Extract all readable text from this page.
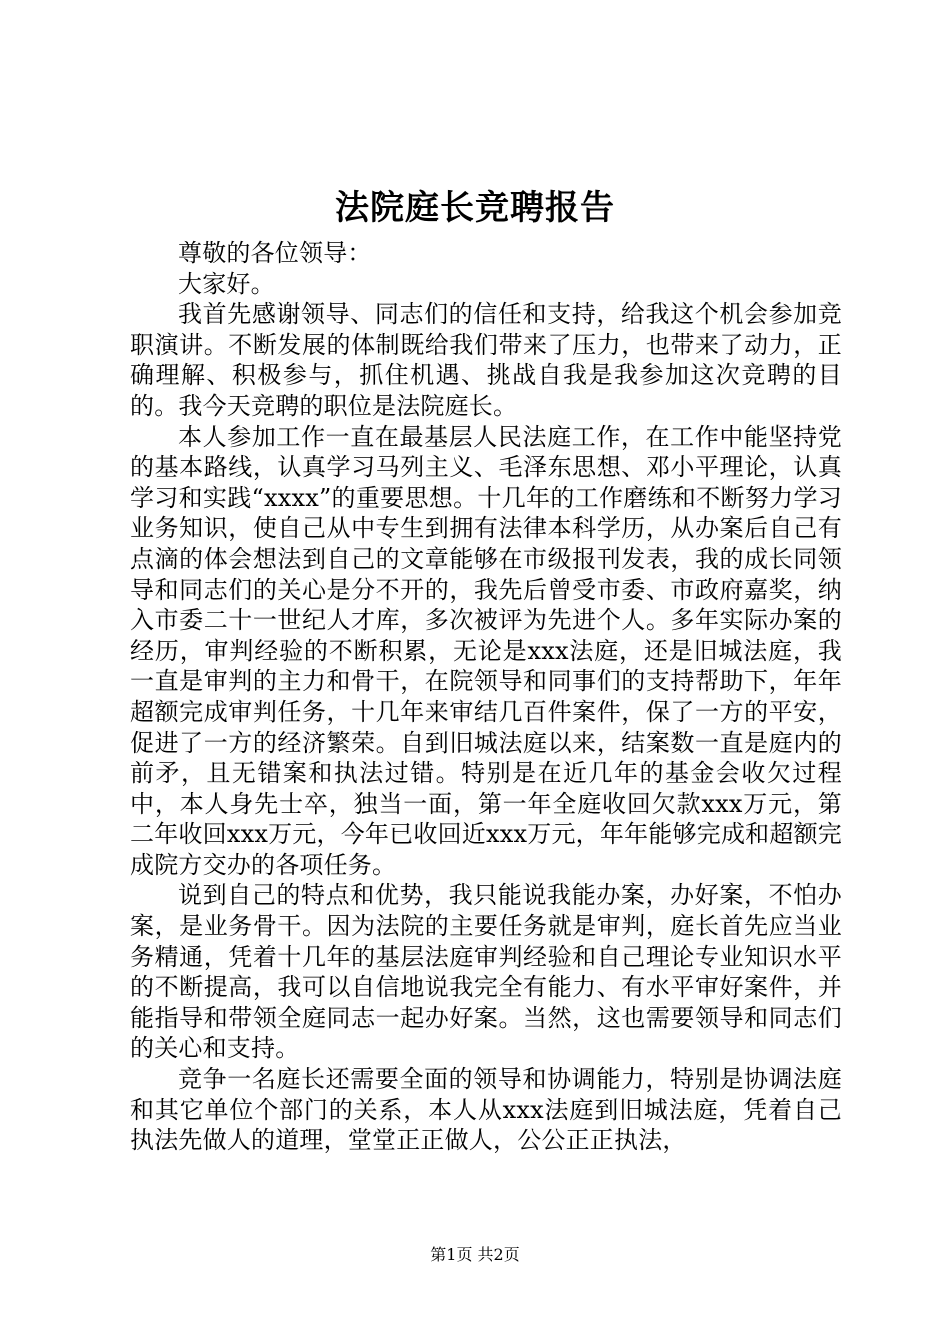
法院庭长竞聘报告

尊敬的各位领导：

大家好。

我首先感谢领导、同志们的信任和支持，给我这个机会参加竞职演讲。不断发展的体制既给我们带来了压力，也带来了动力，正确理解、积极参与，抓住机遇、挑战自我是我参加这次竞聘的目的。我今天竞聘的职位是法院庭长。

本人参加工作一直在最基层人民法庭工作，在工作中能坚持党的基本路线，认真学习马列主义、毛泽东思想、邓小平理论，认真学习和实践“xxxx”的重要思想。十几年的工作磨练和不断努力学习业务知识，使自己从中专生到拥有法律本科学历，从办案后自己有点滴的体会想法到自己的文章能够在市级报刊发表，我的成长同领导和同志们的关心是分不开的，我先后曾受市委、市政府嘉奖，纳入市委二十一世纪人才库，多次被评为先进个人。多年实际办案的经历，审判经验的不断积累，无论是xxx法庭，还是旧城法庭，我一直是审判的主力和骨干，在院领导和同事们的支持帮助下，年年超额完成审判任务，十几年来审结几百件案件，保了一方的平安，促进了一方的经济繁荣。自到旧城法庭以来，结案数一直是庭内的前矛，且无错案和执法过错。特别是在近几年的基金会收欠过程中，本人身先士卒，独当一面，第一年全庭收回欠款xxx万元，第二年收回xxx万元，今年已收回近xxx万元，年年能够完成和超额完成院方交办的各项任务。

说到自己的特点和优势，我只能说我能办案，办好案，不怕办案，是业务骨干。因为法院的主要任务就是审判，庭长首先应当业务精通，凭着十几年的基层法庭审判经验和自己理论专业知识水平的不断提高，我可以自信地说我完全有能力、有水平审好案件，并能指导和带领全庭同志一起办好案。当然，这也需要领导和同志们的关心和支持。

竞争一名庭长还需要全面的领导和协调能力，特别是协调法庭和其它单位个部门的关系，本人从xxx法庭到旧城法庭，凭着自己执法先做人的道理，堂堂正正做人，公公正正执法，

第1页 共2页
